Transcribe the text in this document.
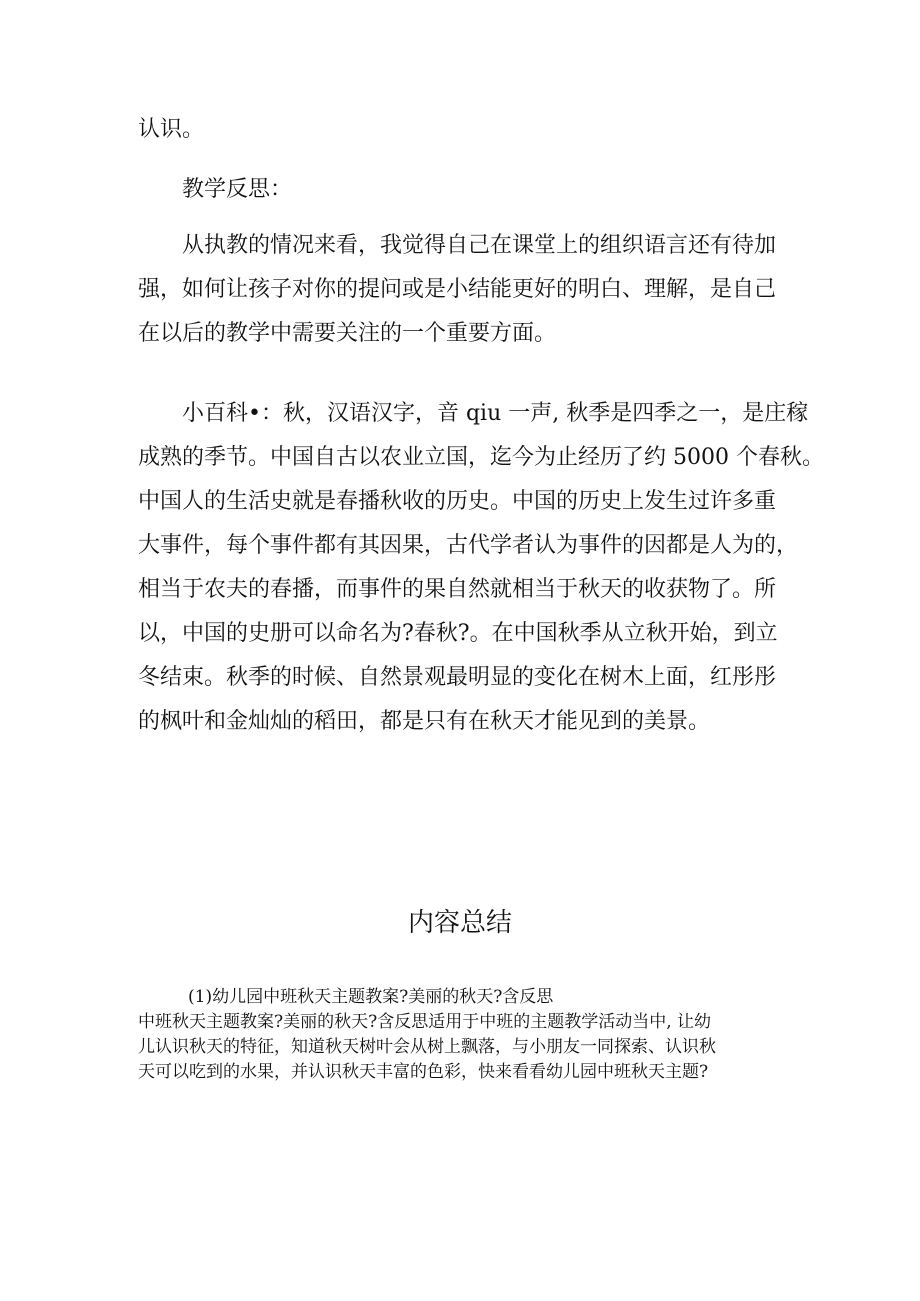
认识。
教学反思：
从执教的情况来看，我觉得自己在课堂上的组织语言还有待加
强，如何让孩子对你的提问或是小结能更好的明白、理解，是自己
在以后的教学中需要关注的一个重要方面。
小百科•：秋，汉语汉字，音 qiu 一声, 秋季是四季之一，是庄稼
成熟的季节。中国自古以农业立国，迄今为止经历了约 5000 个春秋。
中国人的生活史就是春播秋收的历史。中国的历史上发生过许多重
大事件，每个事件都有其因果，古代学者认为事件的因都是人为的，
相当于农夫的春播，而事件的果自然就相当于秋天的收获物了。所
以，中国的史册可以命名为?春秋?。在中国秋季从立秋开始，到立
冬结束。秋季的时候、自然景观最明显的变化在树木上面，红彤彤
的枫叶和金灿灿的稻田，都是只有在秋天才能见到的美景。
内容总结
(1)幼儿园中班秋天主题教案?美丽的秋天?含反思
中班秋天主题教案?美丽的秋天?含反思适用于中班的主题教学活动当中, 让幼
儿认识秋天的特征，知道秋天树叶会从树上飘落，与小朋友一同探索、认识秋
天可以吃到的水果，并认识秋天丰富的色彩，快来看看幼儿园中班秋天主题?
